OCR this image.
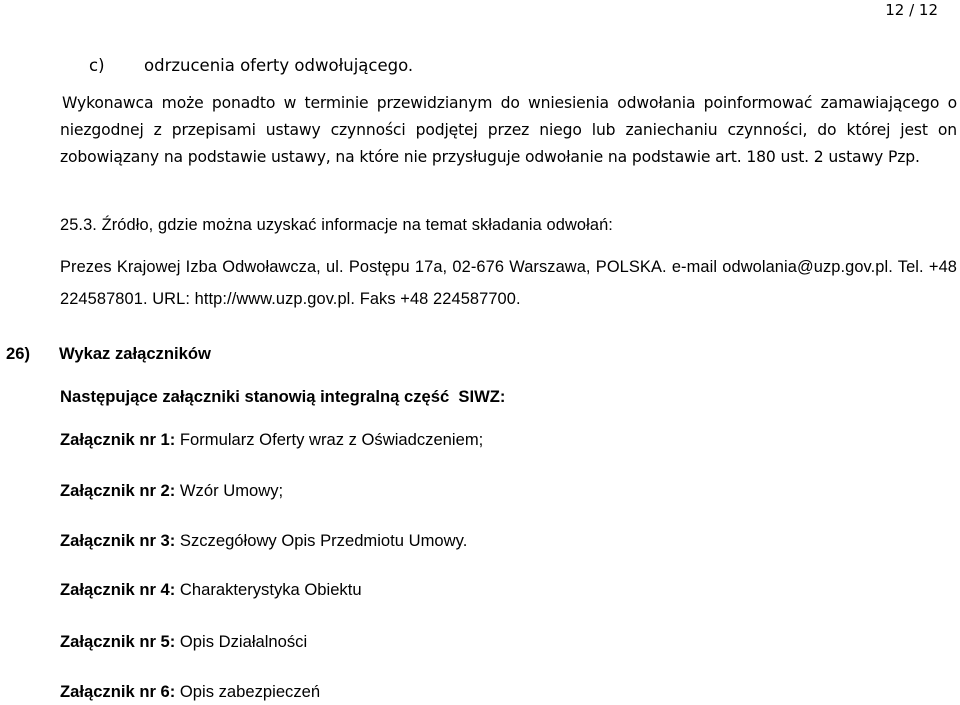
12 / 12
c) odrzucenia oferty odwołującego.

Wykonawca może ponadto w terminie przewidzianym do wniesienia odwołania poinformować zamawiającego o niezgodnej z przepisami ustawy czynności podjętej przez niego lub zaniechaniu czynności, do której jest on zobowiązany na podstawie ustawy, na które nie przysługuje odwołanie na podstawie art. 180 ust. 2 ustawy Pzp.

25.3. Źródło, gdzie można uzyskać informacje na temat składania odwołań:

Prezes Krajowej Izba Odwoławcza, ul. Postępu 17a, 02-676 Warszawa, POLSKA. e-mail odwolania@uzp.gov.pl. Tel. +48 224587801. URL: http://www.uzp.gov.pl. Faks +48 224587700.

26) Wykaz załączników
Następujące załączniki stanowią integralną część  SIWZ:
Załącznik nr 1: Formularz Oferty wraz z Oświadczeniem;
Załącznik nr 2: Wzór Umowy;
Załącznik nr 3: Szczegółowy Opis Przedmiotu Umowy.
Załącznik nr 4: Charakterystyka Obiektu
Załącznik nr 5: Opis Działalności
Załącznik nr 6: Opis zabezpieczeń
